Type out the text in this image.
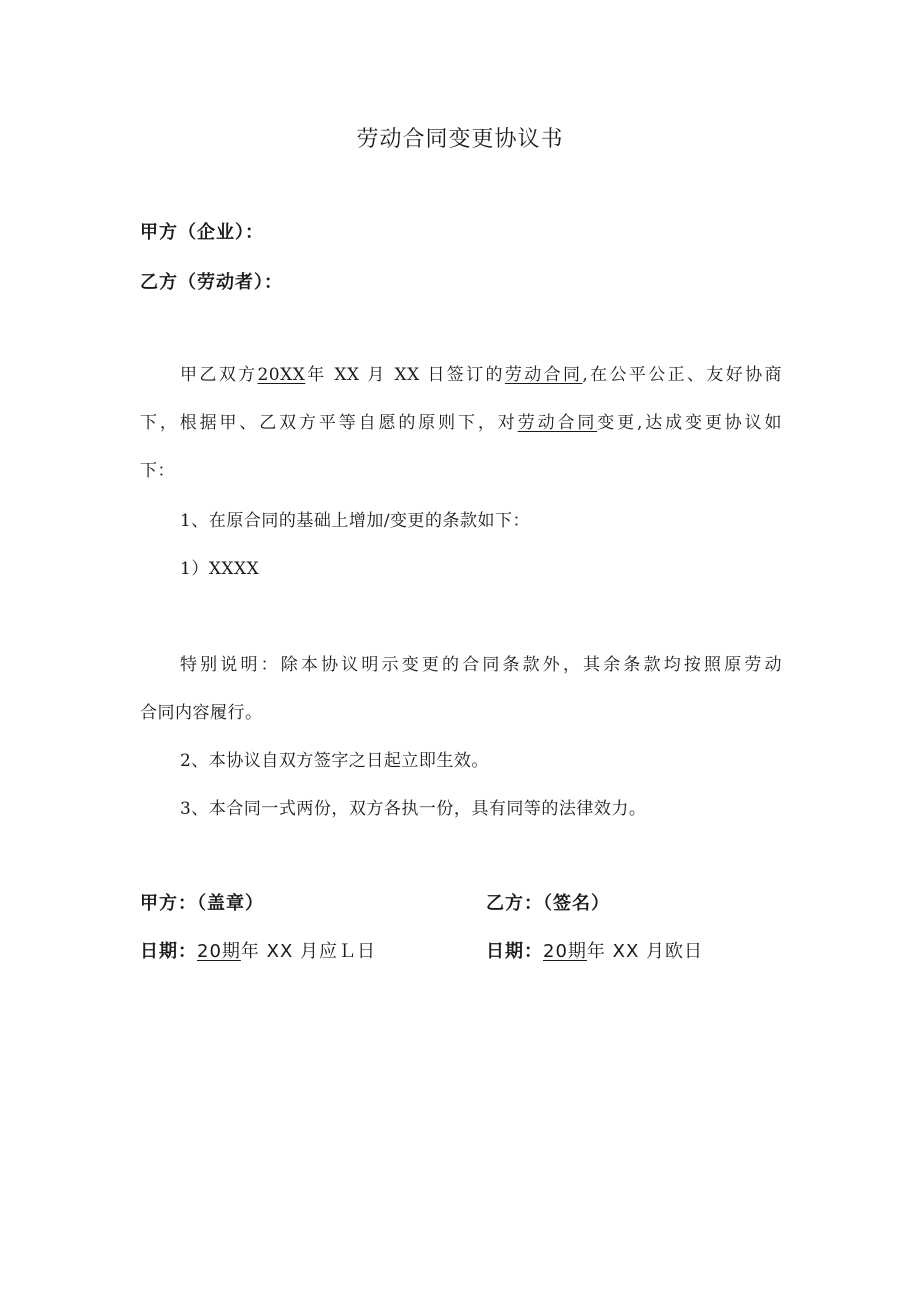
劳动合同变更协议书
甲方（企业）：
乙方（劳动者）：
甲乙双方20XX年 XX 月 XX 日签订的劳动合同,在公平公正、友好协商
下，根据甲、乙双方平等自愿的原则下，对劳动合同变更,达成变更协议如
下：
1、在原合同的基础上增加/变更的条款如下：
1）XXXX
特别说明：除本协议明示变更的合同条款外，其余条款均按照原劳动
合同内容履行。
2、本协议自双方签字之日起立即生效。
3、本合同一式两份，双方各执一份，具有同等的法律效力。
甲方：（盖章）	乙方：（签名）
日期：20期年 XX 月应Ｌ日	日期：20期年 XX 月欧日
